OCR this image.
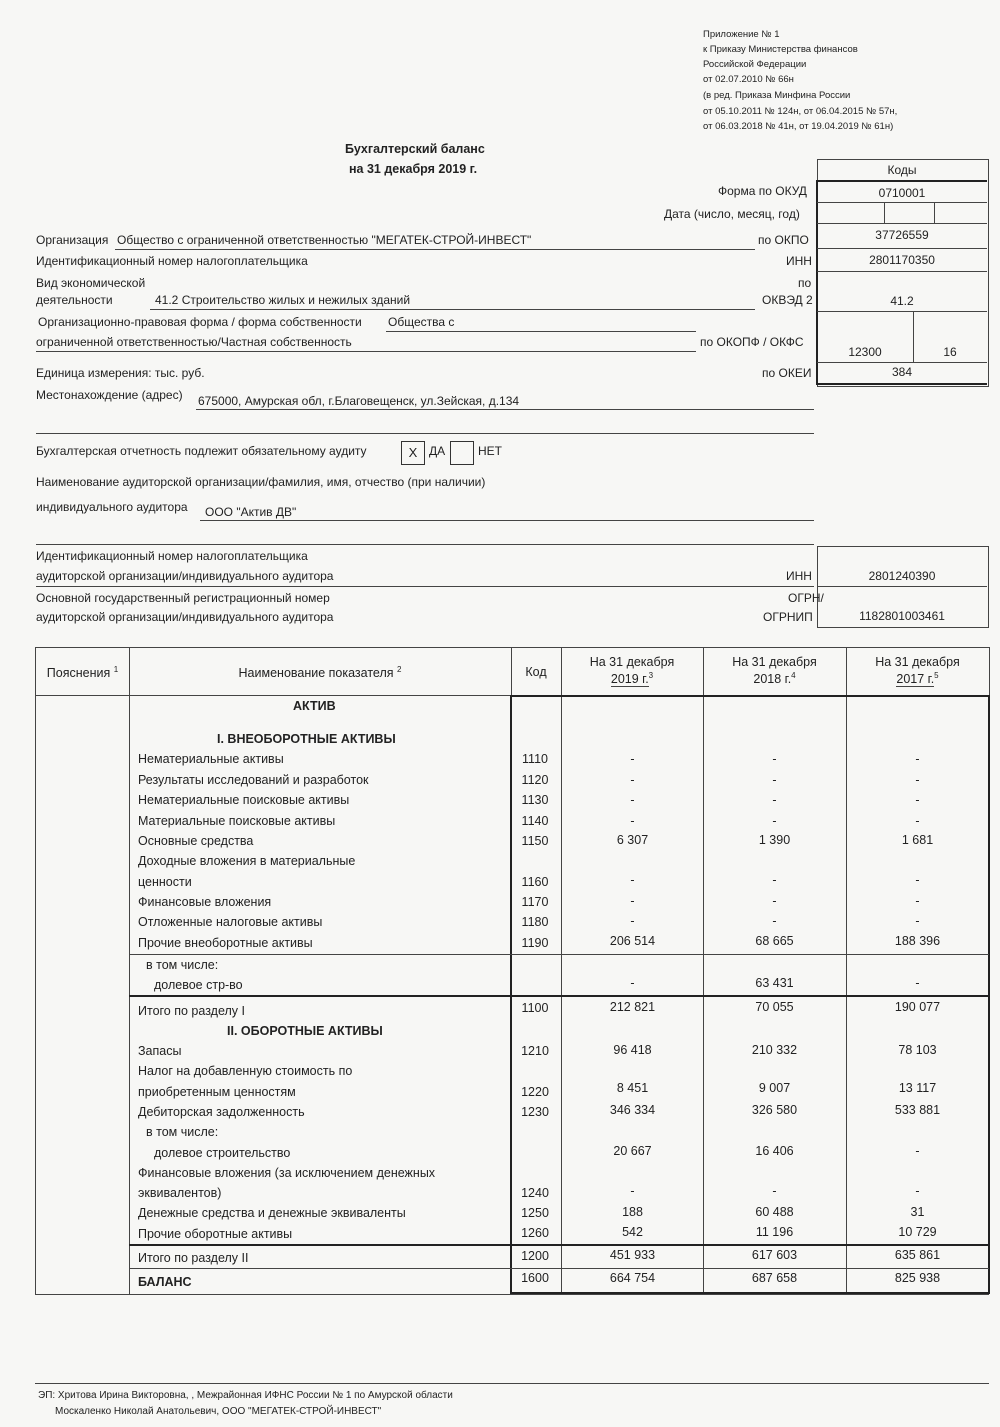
Приложение № 1
к Приказу Министерства финансов
Российской Федерации
от 02.07.2010 № 66н
(в ред. Приказа Минфина России
от 05.10.2011 № 124н, от 06.04.2015 № 57н,
от 06.03.2018 № 41н, от 19.04.2019 № 61н)
Бухгалтерский баланс
на 31 декабря 2019 г.	Коды
Форма по ОКУД	0710001
Дата (число, месяц, год)
по ОКПО	37726559
ИНН	2801170350
по
ОКВЭД 2	41.2
по ОКОПФ / ОКФС
12300	16
по ОКЕИ	384
Организация Общество с ограниченной ответственностью "МЕГАТЕК-СТРОЙ-ИНВЕСТ"
Идентификационный номер налогоплательщика
Вид экономической
деятельности	41.2 Строительство жилых и нежилых зданий
Организационно-правовая форма / форма собственности Общества с
ограниченной ответственностью/Частная собственность
Единица измерения: тыс. руб.
Местонахождение (адрес) 675000, Амурская обл, г.Благовещенск, ул.Зейская, д.134
Бухгалтерская отчетность подлежит обязательному аудиту	X ДА	НЕТ
Наименование аудиторской организации/фамилия, имя, отчество (при наличии)
индивидуального аудитора ООО "Актив ДВ"
Идентификационный номер налогоплательщика
аудиторской организации/индивидуального аудитора	ИНН	2801240390
Основной государственный регистрационный номер
аудиторской организации/индивидуального аудитора
ОГРН/
ОГРНИП	1182801003461
Пояснения $^1$	Наименование показателя $^2$	Код
На 31 декабря
2019 г.$^3$
На 31 декабря
2018 г.$^4$
На 31 декабря
2017 г.$^5$
АКТИВ
I. ВНЕОБОРОТНЫЕ АКТИВЫ
II. ОБОРОТНЫЕ АКТИВЫ
Нематериальные активы	1110	-	-	-
Результаты исследований и разработок	1120	-	-	-
Нематериальные поисковые активы	1130	-	-	-
Материальные поисковые активы	1140	-	-	-
Основные средства	1150	6 307	1 390	1 681
Доходные вложения в материальные
ценности	1160	-	-	-
Финансовые вложения	1170	-	-	-
Отложенные налоговые активы	1180	-	-	-
Прочие внеоборотные активы	1190	206 514	68 665	188 396
в том числе:
долевое стр-во	-	63 431	-
Итого по разделу I	1100	212 821	70 055	190 077
Запасы	1210	96 418	210 332	78 103
Налог на добавленную стоимость по
приобретенным ценностям	1220	8 451	9 007	13 117
Дебиторская задолженность	1230	346 334	326 580	533 881
в том числе:
долевое строительство	20 667	16 406	-
Финансовые вложения (за исключением денежных
эквивалентов)	1240	-	-	-
Денежные средства и денежные эквиваленты	1250	188	60 488	31
Прочие оборотные активы	1260	542	11 196	10 729
Итого по разделу II	1200	451 933	617 603	635 861
БАЛАНС	1600	664 754	687 658	825 938
ЭП: Хритова Ирина Викторовна, , Межрайонная ИФНС России № 1 по Амурской области
Москаленко Николай Анатольевич, ООО "МЕГАТЕК-СТРОЙ-ИНВЕСТ"
